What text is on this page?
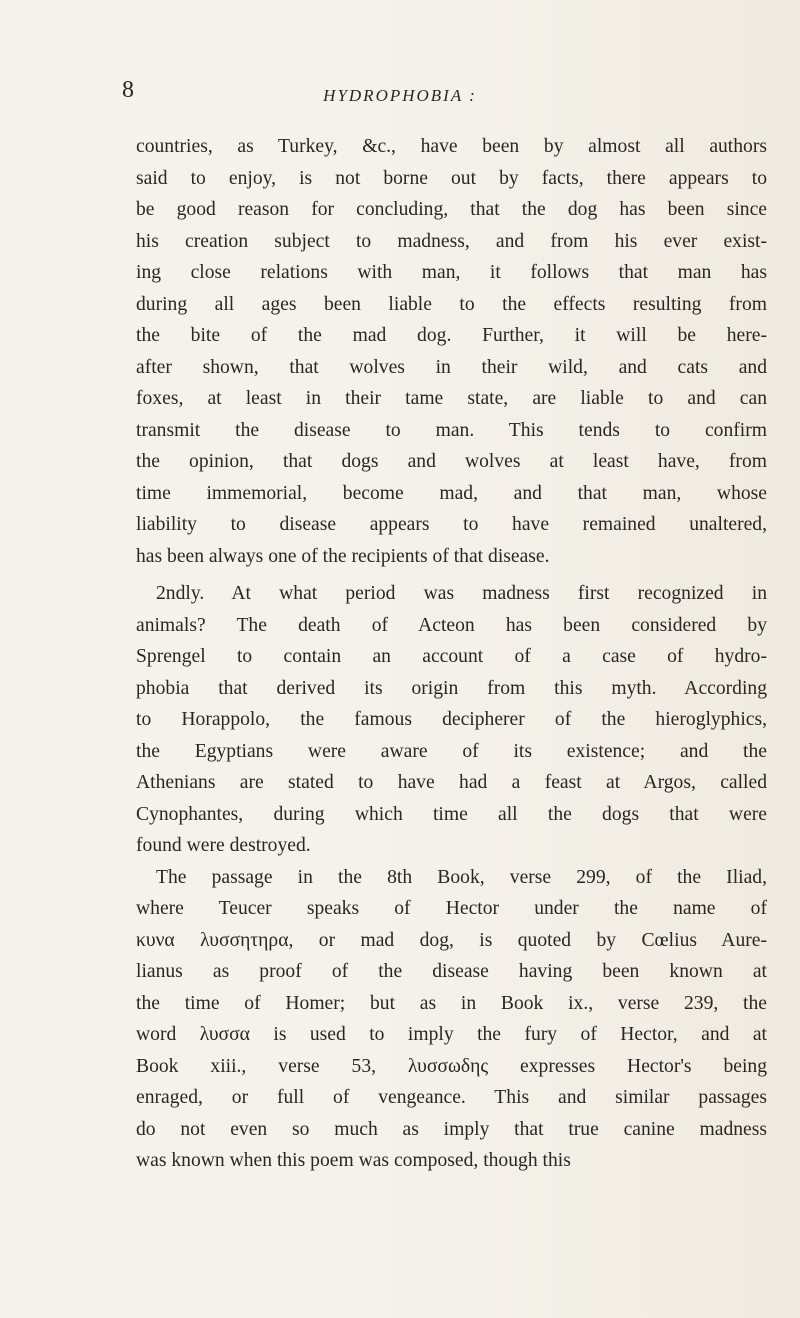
8	HYDROPHOBIA :
countries, as Turkey, &c., have been by almost all authors
said to enjoy, is not borne out by facts, there appears to
be good reason for concluding, that the dog has been since
his creation subject to madness, and from his ever exist-
ing close relations with man, it follows that man has
during all ages been liable to the effects resulting from
the bite of the mad dog. Further, it will be here-
after shown, that wolves in their wild, and cats and
foxes, at least in their tame state, are liable to and can
transmit the disease to man. This tends to confirm
the opinion, that dogs and wolves at least have, from
time immemorial, become mad, and that man, whose
liability to disease appears to have remained unaltered,
has been always one of the recipients of that disease.
2ndly. At what period was madness first recognized in
animals? The death of Acteon has been considered by
Sprengel to contain an account of a case of hydro-
phobia that derived its origin from this myth. According
to Horappolo, the famous decipherer of the hieroglyphics,
the Egyptians were aware of its existence; and the
Athenians are stated to have had a feast at Argos, called
Cynophantes, during which time all the dogs that were
found were destroyed.
The passage in the 8th Book, verse 299, of the Iliad,
where Teucer speaks of Hector under the name of
κυνα λυσσητηρα, or mad dog, is quoted by Cœlius Aure-
lianus as proof of the disease having been known at
the time of Homer; but as in Book ix., verse 239, the
word λυσσα is used to imply the fury of Hector, and at
Book xiii., verse 53, λυσσωδης expresses Hector's being
enraged, or full of vengeance. This and similar passages
do not even so much as imply that true canine madness
was known when this poem was composed, though this
